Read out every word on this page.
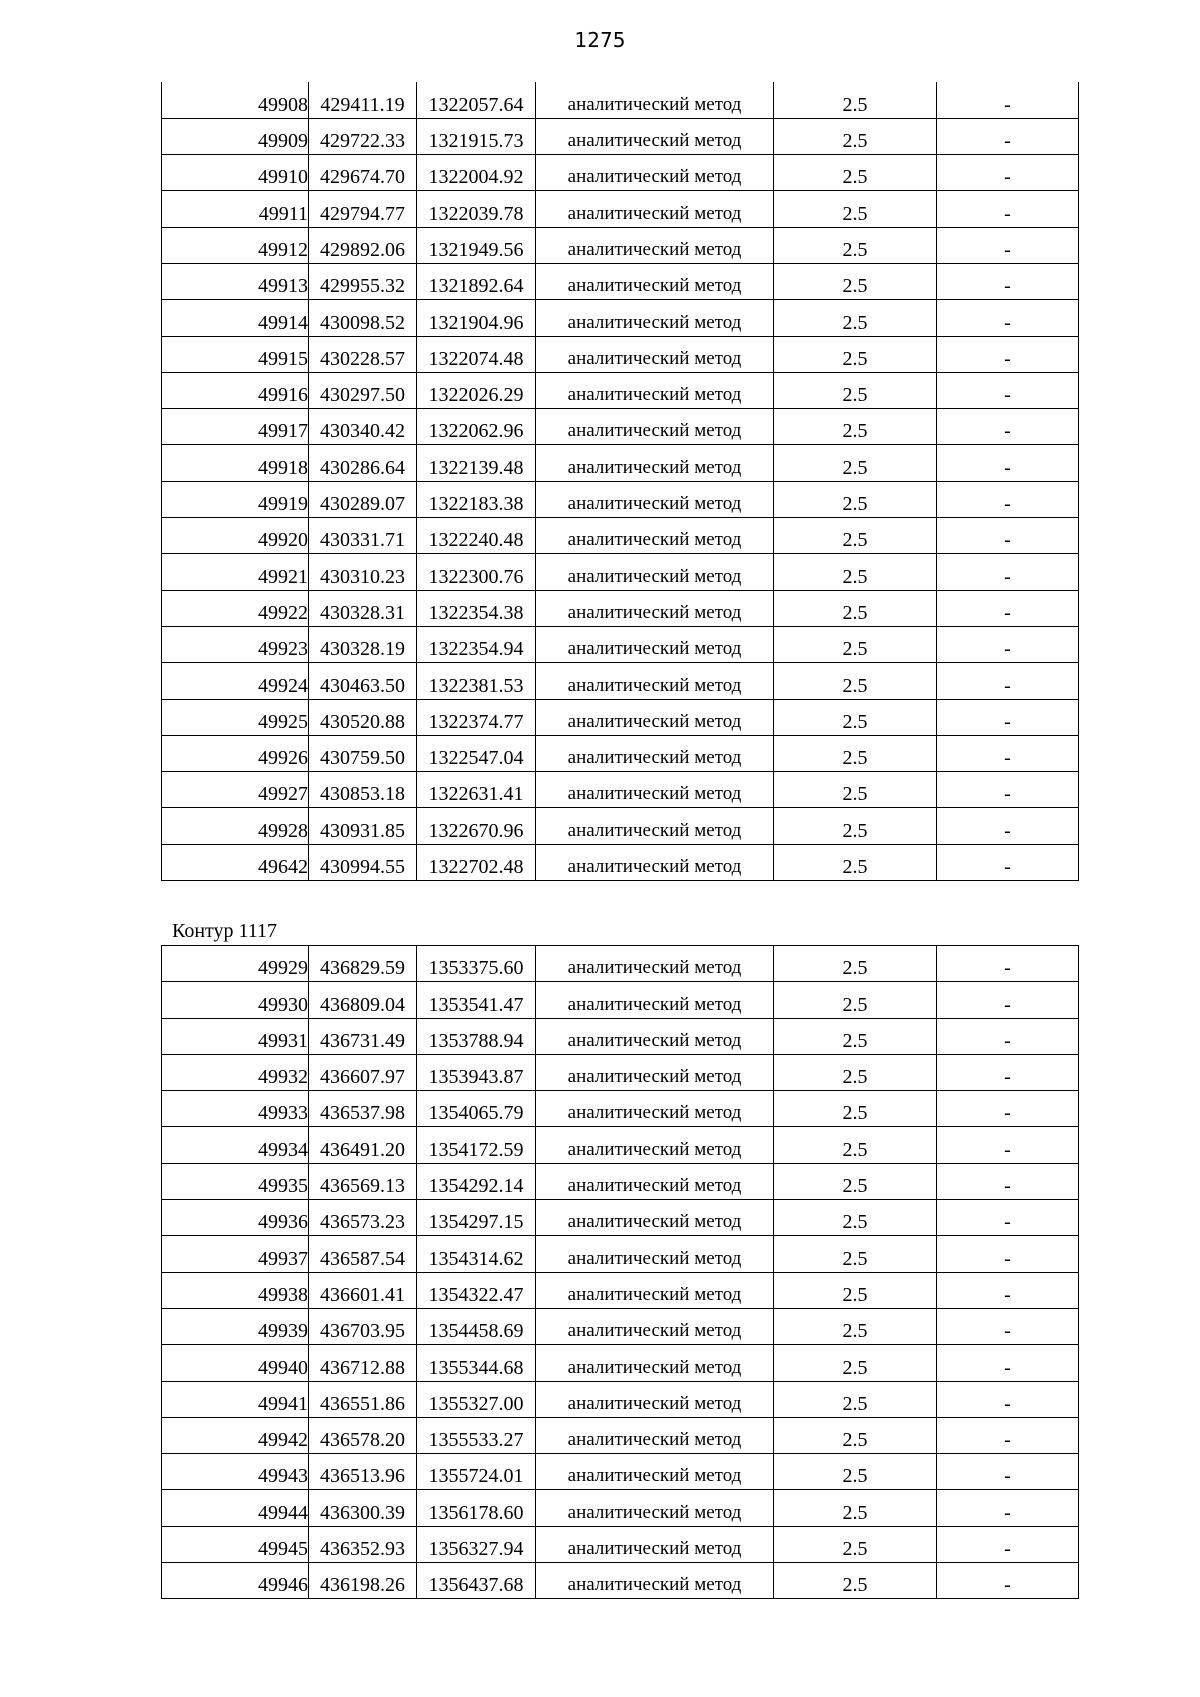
1275
49908	429411.19	1322057.64	аналитический метод	2.5	-
49909	429722.33	1321915.73	аналитический метод	2.5	-
49910	429674.70	1322004.92	аналитический метод	2.5	-
49911	429794.77	1322039.78	аналитический метод	2.5	-
49912	429892.06	1321949.56	аналитический метод	2.5	-
49913	429955.32	1321892.64	аналитический метод	2.5	-
49914	430098.52	1321904.96	аналитический метод	2.5	-
49915	430228.57	1322074.48	аналитический метод	2.5	-
49916	430297.50	1322026.29	аналитический метод	2.5	-
49917	430340.42	1322062.96	аналитический метод	2.5	-
49918	430286.64	1322139.48	аналитический метод	2.5	-
49919	430289.07	1322183.38	аналитический метод	2.5	-
49920	430331.71	1322240.48	аналитический метод	2.5	-
49921	430310.23	1322300.76	аналитический метод	2.5	-
49922	430328.31	1322354.38	аналитический метод	2.5	-
49923	430328.19	1322354.94	аналитический метод	2.5	-
49924	430463.50	1322381.53	аналитический метод	2.5	-
49925	430520.88	1322374.77	аналитический метод	2.5	-
49926	430759.50	1322547.04	аналитический метод	2.5	-
49927	430853.18	1322631.41	аналитический метод	2.5	-
49928	430931.85	1322670.96	аналитический метод	2.5	-
49642	430994.55	1322702.48	аналитический метод	2.5	-
Контур 1117
49929	436829.59	1353375.60	аналитический метод	2.5	-
49930	436809.04	1353541.47	аналитический метод	2.5	-
49931	436731.49	1353788.94	аналитический метод	2.5	-
49932	436607.97	1353943.87	аналитический метод	2.5	-
49933	436537.98	1354065.79	аналитический метод	2.5	-
49934	436491.20	1354172.59	аналитический метод	2.5	-
49935	436569.13	1354292.14	аналитический метод	2.5	-
49936	436573.23	1354297.15	аналитический метод	2.5	-
49937	436587.54	1354314.62	аналитический метод	2.5	-
49938	436601.41	1354322.47	аналитический метод	2.5	-
49939	436703.95	1354458.69	аналитический метод	2.5	-
49940	436712.88	1355344.68	аналитический метод	2.5	-
49941	436551.86	1355327.00	аналитический метод	2.5	-
49942	436578.20	1355533.27	аналитический метод	2.5	-
49943	436513.96	1355724.01	аналитический метод	2.5	-
49944	436300.39	1356178.60	аналитический метод	2.5	-
49945	436352.93	1356327.94	аналитический метод	2.5	-
49946	436198.26	1356437.68	аналитический метод	2.5	-
